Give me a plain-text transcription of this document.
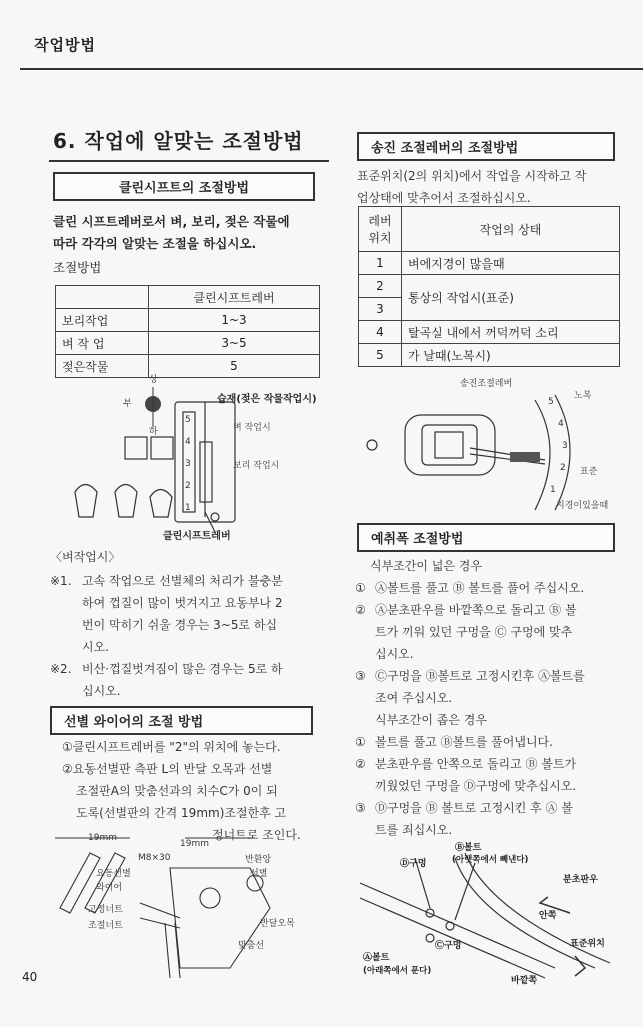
작업방법
6. 작업에 알맞는 조절방법
클린시프트의 조절방법
클린 시프트레버로서 벼, 보리, 젖은 작물에
따라 각각의 알맞는 조절을 하십시오.
조절방법
	클린시프트레버
보리작업	1~3
벼 작 업	3~5
젖은작물	5
상
하
부
5
4
3
2
1
습재(젖은 작물작업시)
벼 작업시
보리 작업시
클린시프트레버
〈벼작업시〉
※1. 고속 작업으로 선별체의 처리가 불충분
하여 껍질이 많이 벗겨지고 요동부나 2
번이 막히기 쉬울 경우는 3~5로 하십
시오.
※2. 비산·껍질벗겨짐이 많은 경우는 5로 하
십시오.
선별 와이어의 조절 방법
①클린시프트레버를 "2"의 위치에 놓는다.
②요동선별판 측판 L의 반달 오목과 선별
조절판A의 맞춤선과의 치수C가 0이 되
도록(선별판의 간격 19mm)조절한후 고
정너트로 조인다.
19mm
19mm
M8×30	반환앙
선별
요동선별
와이어
고정너트
조절너트	반달오목
맞춤선
40
송진 조절레버의 조절방법
표준위치(2의 위치)에서 작업을 시작하고 작
업상태에 맞추어서 조절하십시오.
레버위치	작업의 상태
1	벼에지경이 많을때
2	통상의 작업시(표준)
3	
4	탈곡실 내에서 꺼덕꺼덕 소리
5	가 날때(노복시)
송진조절레버
노복
표준
지경이있을때
5
4
3
2
1
예취폭 조절방법
식부조간이 넓은 경우
① Ⓐ볼트를 풀고 Ⓑ 볼트를 풀어 주십시오.
② Ⓐ분초판우를 바깥쪽으로 돌리고 Ⓑ 볼
트가 끼워 있던 구멍을 Ⓒ 구멍에 맞추
십시오.
③ Ⓒ구멍을 Ⓑ볼트로 고정시킨후 Ⓐ볼트를
조여 주십시오.
식부조간이 좁은 경우
① 볼트를 풀고 Ⓑ볼트를 풀어냅니다.
② 분초판우를 안쪽으로 돌리고 Ⓑ 볼트가
끼웠었던 구멍을 Ⓓ구멍에 맞추십시오.
③ Ⓓ구멍을 Ⓑ 볼트로 고정시킨 후 Ⓐ 볼
트를 죄십시오.
Ⓑ볼트
(아랫쪽에서 빼낸다)
Ⓓ구멍
분초판우
안쪽
표준위치
Ⓒ구멍
Ⓐ볼트
(아래쪽에서 푼다)
바깥쪽
